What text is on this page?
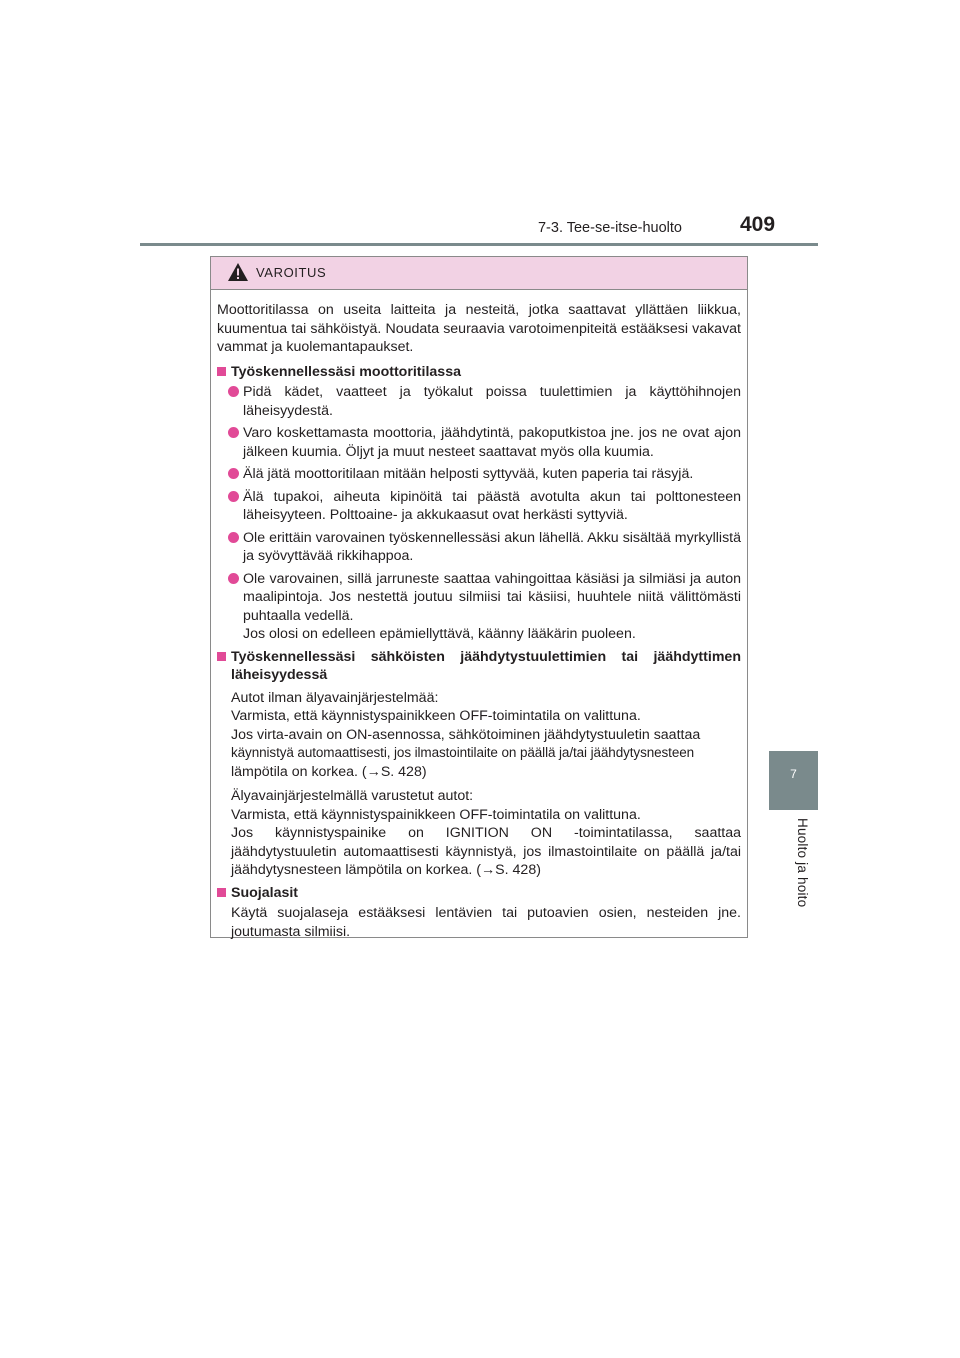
7-3. Tee-se-itse-huolto	409
7
Huolto ja hoito
VAROITUS

Moottoritilassa on useita laitteita ja nesteitä, jotka saattavat yllättäen liikkua, kuumentua tai sähköistyä. Noudata seuraavia varotoimenpiteitä estääksesi vakavat vammat ja kuolemantapaukset.

Työskennellessäsi moottoritilassa
Pidä kädet, vaatteet ja työkalut poissa tuulettimien ja käyttöhihnojen läheisyydestä.
Varo koskettamasta moottoria, jäähdytintä, pakoputkistoa jne. jos ne ovat ajon jälkeen kuumia. Öljyt ja muut nesteet saattavat myös olla kuumia.
Älä jätä moottoritilaan mitään helposti syttyvää, kuten paperia tai räsyjä.
Älä tupakoi, aiheuta kipinöitä tai päästä avotulta akun tai polttonesteen läheisyyteen. Polttoaine- ja akkukaasut ovat herkästi syttyviä.
Ole erittäin varovainen työskennellessäsi akun lähellä. Akku sisältää myrkyllistä ja syövyttävää rikkihappoa.
Ole varovainen, sillä jarruneste saattaa vahingoittaa käsiäsi ja silmiäsi ja auton maalipintoja. Jos nestettä joutuu silmiisi tai käsiisi, huuhtele niitä välittömästi puhtaalla vedellä.
Jos olosi on edelleen epämiellyttävä, käänny lääkärin puoleen.
Työskennellessäsi sähköisten jäähdytystuulettimien tai jäähdyttimen läheisyydessä
Autot ilman älyavainjärjestelmää:
Varmista, että käynnistyspainikkeen OFF-toimintatila on valittuna.
Jos virta-avain on ON-asennossa, sähkötoiminen jäähdytystuuletin saattaa
käynnistyä automaattisesti, jos ilmastointilaite on päällä ja/tai jäähdytysnesteen
lämpötila on korkea. (→S. 428)
Älyavainjärjestelmällä varustetut autot:
Varmista, että käynnistyspainikkeen OFF-toimintatila on valittuna.
Jos käynnistyspainike on IGNITION ON -toimintatilassa, saattaa jäähdytystuuletin automaattisesti käynnistyä, jos ilmastointilaite on päällä ja/tai jäähdytysnesteen lämpötila on korkea. (→S. 428)
Suojalasit
Käytä suojalaseja estääksesi lentävien tai putoavien osien, nesteiden jne. joutumasta silmiisi.
